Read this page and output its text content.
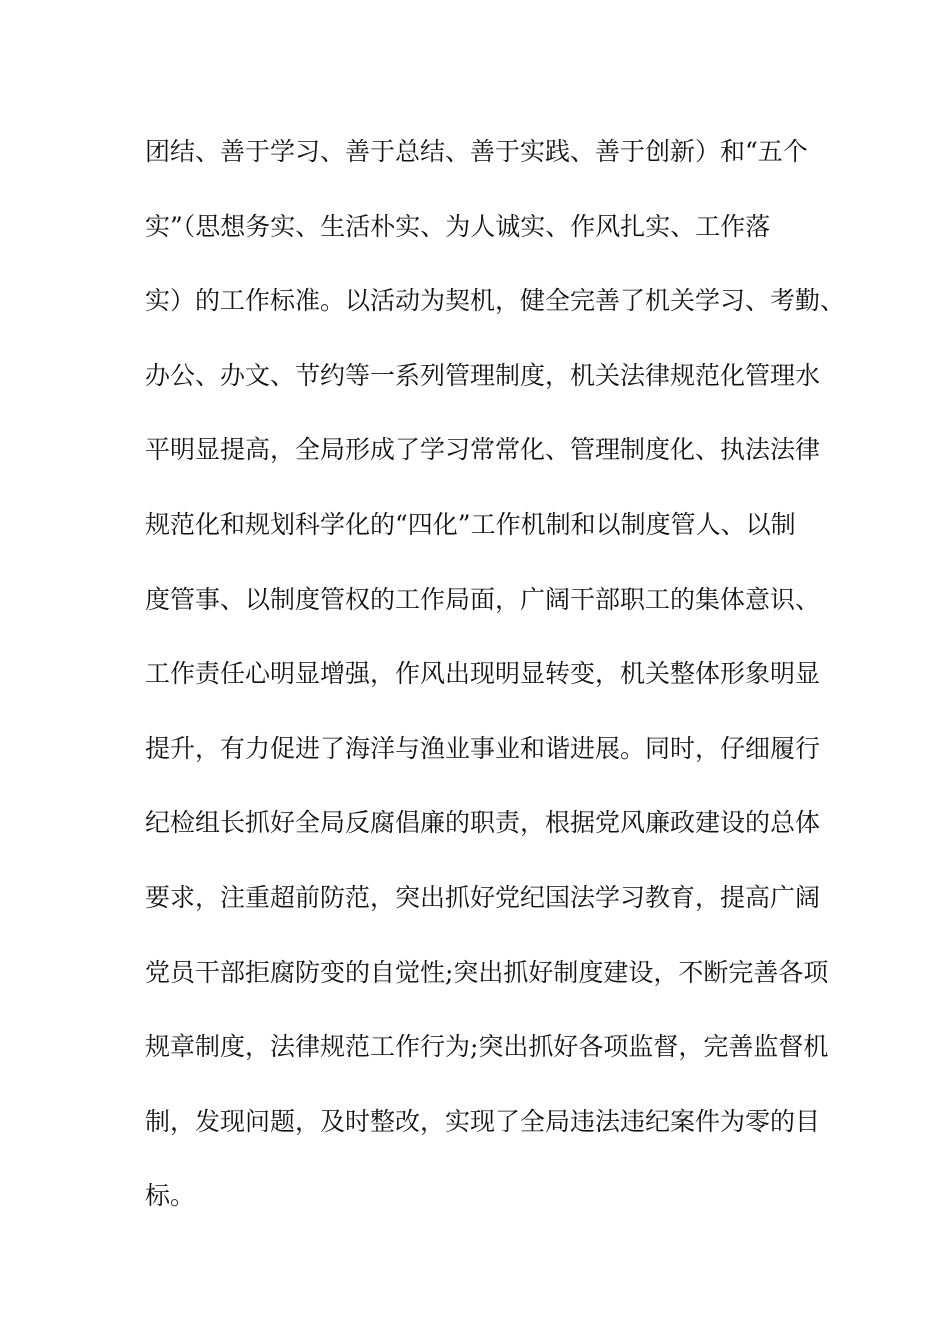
团结、善于学习、善于总结、善于实践、善于创新）和“五个
实”（思想务实、生活朴实、为人诚实、作风扎实、工作落
实）的工作标准。以活动为契机，健全完善了机关学习、考勤、
办公、办文、节约等一系列管理制度，机关法律规范化管理水
平明显提高，全局形成了学习常常化、管理制度化、执法法律
规范化和规划科学化的“四化”工作机制和以制度管人、以制
度管事、以制度管权的工作局面，广阔干部职工的集体意识、
工作责任心明显增强，作风出现明显转变，机关整体形象明显
提升，有力促进了海洋与渔业事业和谐进展。同时，仔细履行
纪检组长抓好全局反腐倡廉的职责，根据党风廉政建设的总体
要求，注重超前防范，突出抓好党纪国法学习教育，提高广阔
党员干部拒腐防变的自觉性;突出抓好制度建设，不断完善各项
规章制度，法律规范工作行为;突出抓好各项监督，完善监督机
制，发现问题，及时整改，实现了全局违法违纪案件为零的目
标。
